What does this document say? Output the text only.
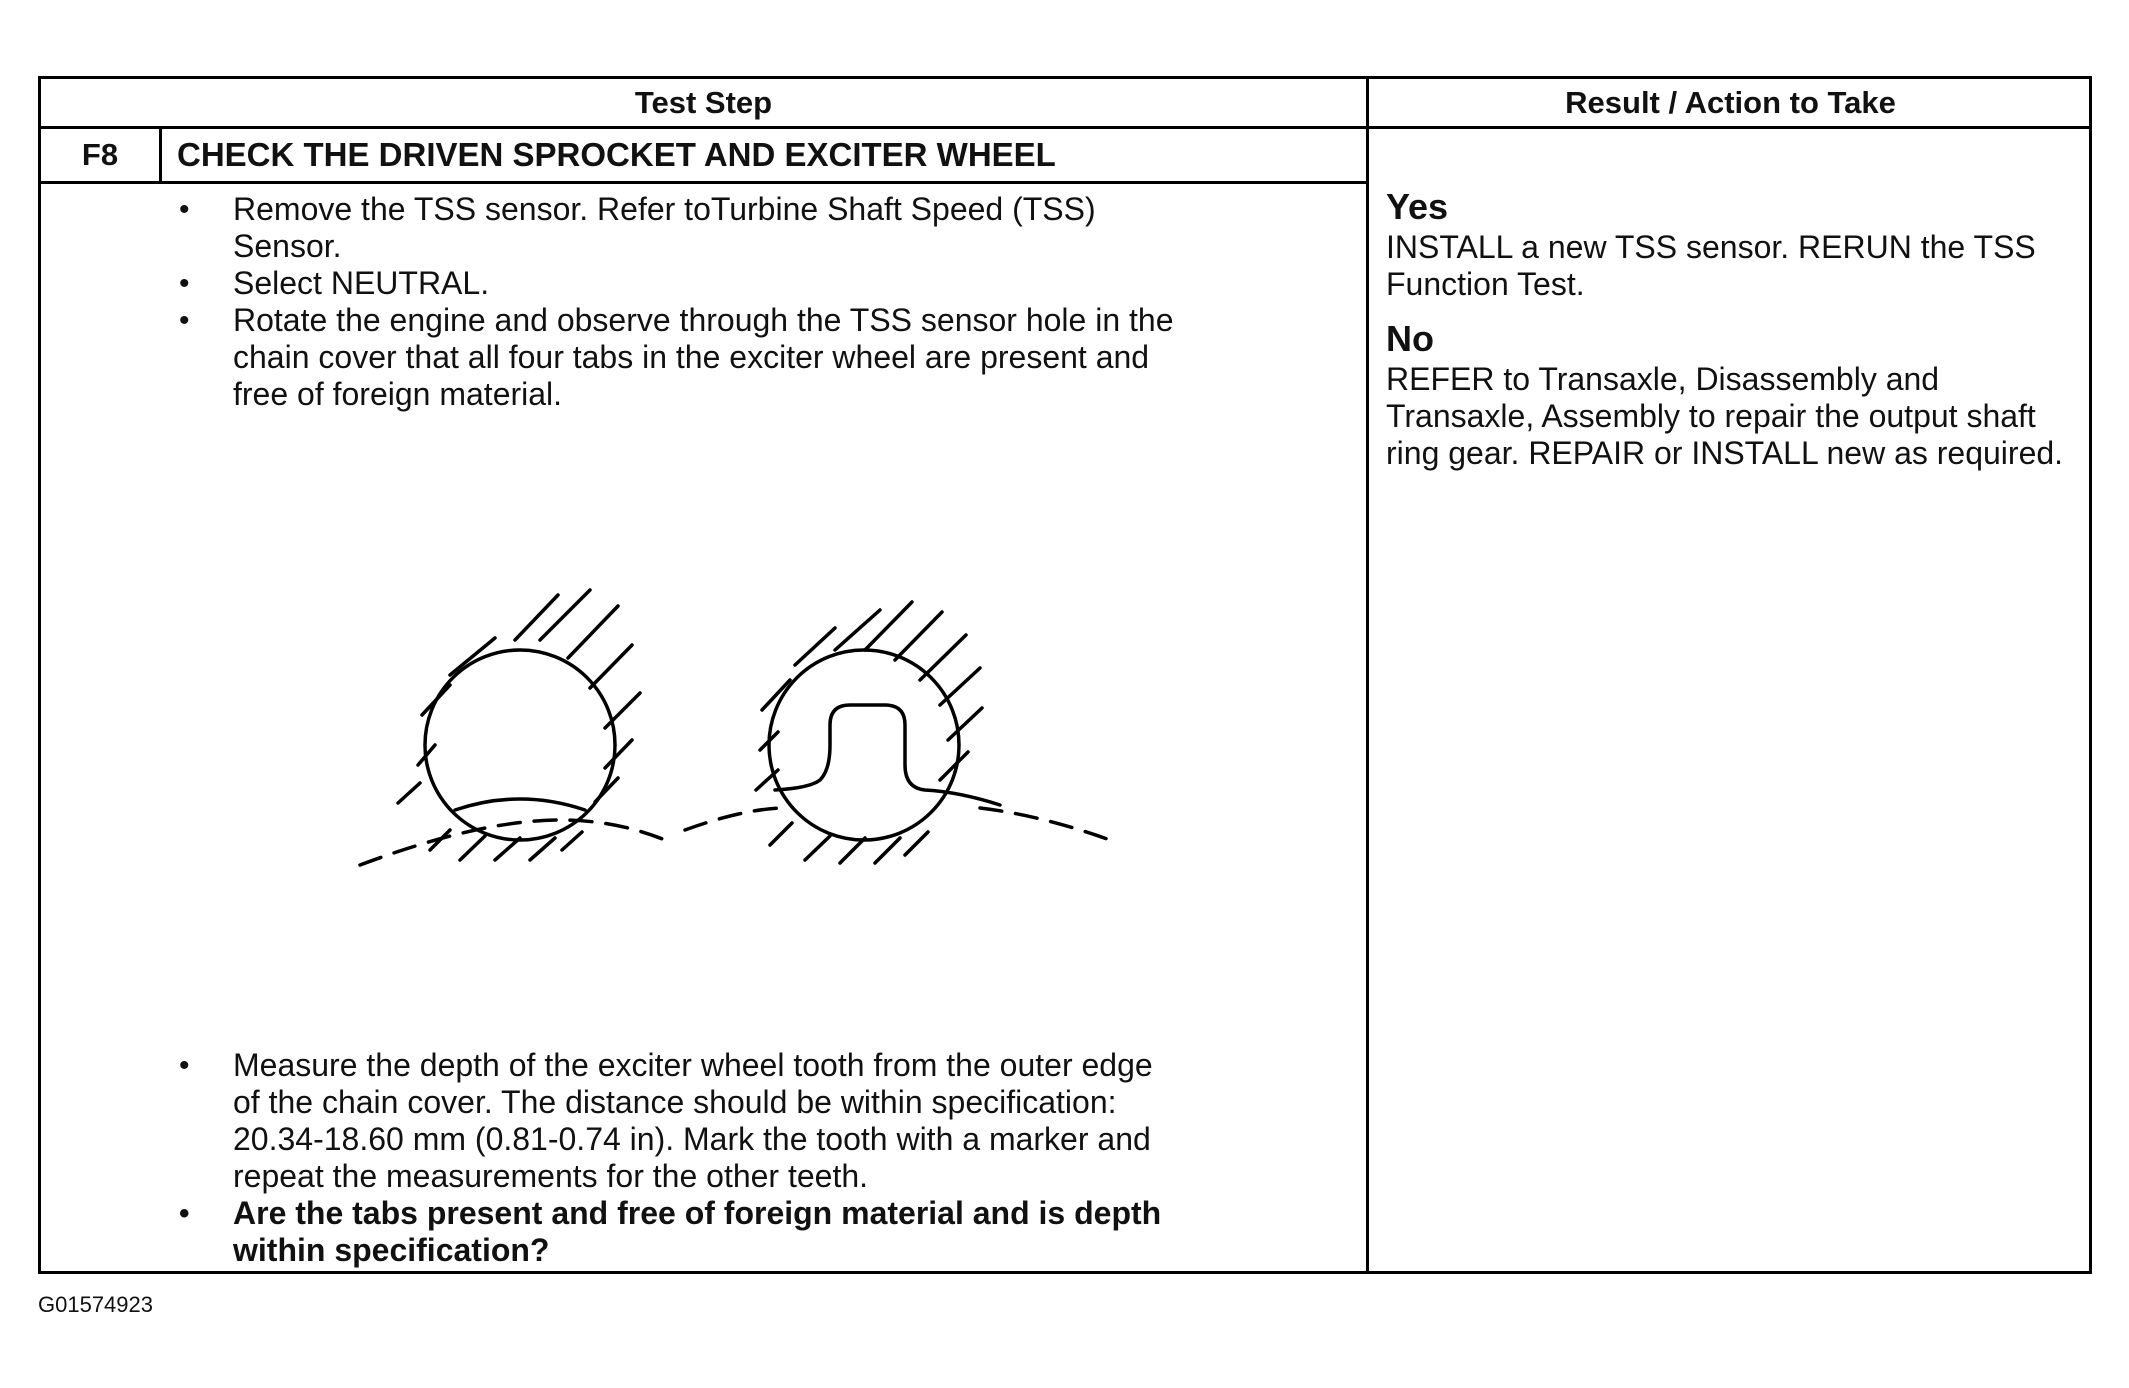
Test Step	Result / Action to Take
F8	CHECK THE DRIVEN SPROCKET AND EXCITER WHEEL
• Remove the TSS sensor. Refer toTurbine Shaft Speed (TSS) Sensor.
• Select NEUTRAL.
• Rotate the engine and observe through the TSS sensor hole in the chain cover that all four tabs in the exciter wheel are present and free of foreign material.
• Measure the depth of the exciter wheel tooth from the outer edge of the chain cover. The distance should be within specification: 20.34-18.60 mm (0.81-0.74 in). Mark the tooth with a marker and repeat the measurements for the other teeth.
• Are the tabs present and free of foreign material and is depth within specification?
Yes
INSTALL a new TSS sensor. RERUN the TSS Function Test.
No
REFER to Transaxle, Disassembly and Transaxle, Assembly to repair the output shaft ring gear. REPAIR or INSTALL new as required.
G01574923
